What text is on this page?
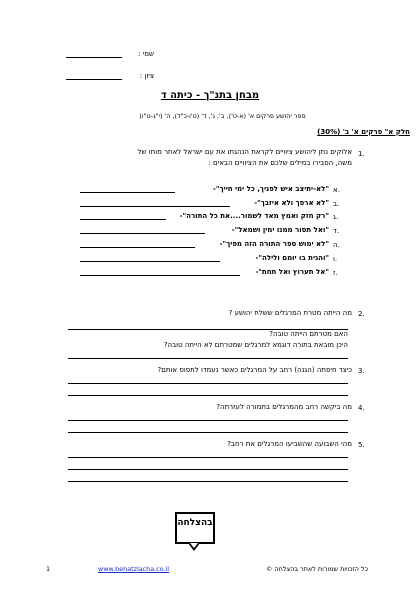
שמי :
ציון :
מבחן בתנ"ך - כיתה ד
ספר יהושע פרקים א' (א-ט'), ב', ג', ד' (ט'ו-כ"ד), ה' (י"ג-ט"ו)
חלק א" פרקים א' ב' (30%)
1.
אלוקים נתן ליהושע ציוויים לקראת הנהגתו את עם ישראל לאחר מותו של
משה, הסבירו במילים שלכם את הציוויים הבאים :
א.
"לא-יתיצב איש לפניך, כל ימי חייך"-
ב.
"לא ארפך ולא איזבך"-
ג.
"רק חזק ואמץ מאד לשמור....את כל התורה"-
ד.
"ואל תסור ממנו ימין ושמאל"-
ה.
"לא ימוש ספר התורה הזה מפיך"-
ו.
"והגית בו יומם ולילה"-
ז.
"אל תערוץ ואל תחת"-
2.
מה הייתה מטרת המרגלים ששלח יהושע ?
האם מטרתם הייתה טובה?
היכן מובאת בתורה דוגמא למרגלים שמטרתם לא הייתה טובה?
3.
כיצד חיפתה (הגנה) רחב על המרגלים כאשר נעמדו לתפוס אותם?
4.
מה ביקשה רחב מהמרגלים בתמורה לעזרתה?
5.
מהי השבועה שהשביעו המרגלים את רחב?
בהצלחה
1	www.behatzlacha.co.il	כל הזכויות שמורות לאתר בהצלחה ©
